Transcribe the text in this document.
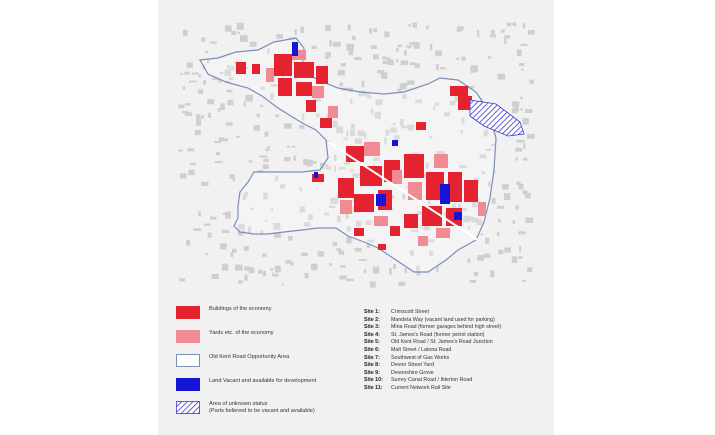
Buildings of the economy
Yards etc. of the economy
Old Kent Road Opportunity Area
Land Vacant and available for development
Area of unknown status
(Parts believed to be vacant and available)
Site 1:	Crimscott Street
Site 2:	Mandela Way (vacant land used for parking)
Site 3:	Mina Road (former garages behind high street)
Site 4:	St. James's Road (former petrol station)
Site 5:	Old Kent Road / St. James's Road Junction
Site 6:	Malt Street / Latona Road
Site 7:	Southwest of Gas Works
Site 8:	Devon Street Yard
Site 9:	Devonshire Grove
Site 10:	Surrey Canal Road / Ilderton Road
Site 11:	Current Network Rail Site
